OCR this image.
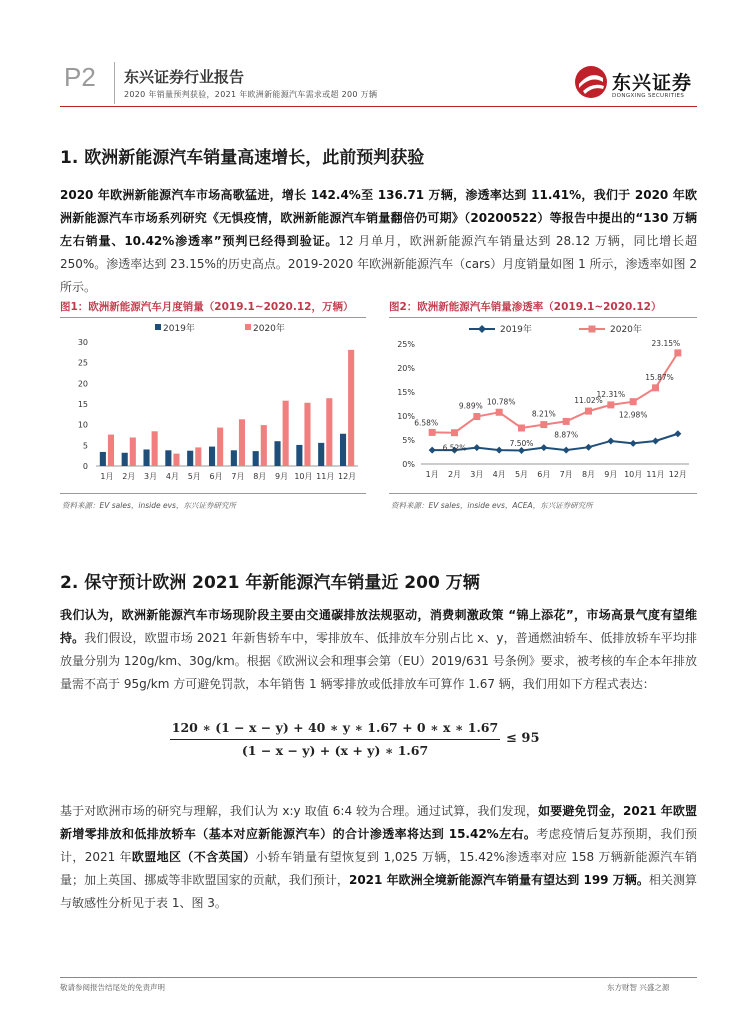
P2 东兴证券行业报告
2020 年销量预判获验，2021 年欧洲新能源汽车需求或超 200 万辆
东兴证券
DONGXING SECURITIES
1. 欧洲新能源汽车销量高速增长，此前预判获验
2020 年欧洲新能源汽车市场高歌猛进，增长 142.4%至 136.71 万辆，渗透率达到 11.41%，我们于 2020 年欧洲新能源汽车市场系列研究《无惧疫情，欧洲新能源汽车销量翻倍仍可期》（20200522）等报告中提出的“130 万辆左右销量、10.42%渗透率”预判已经得到验证。12 月单月，欧洲新能源汽车销量达到 28.12 万辆，同比增长超 250%。渗透率达到 23.15%的历史高点。2019-2020 年欧洲新能源汽车（cars）月度销量如图 1 所示，渗透率如图 2 所示。
图1：欧洲新能源汽车月度销量（2019.1~2020.12，万辆）
0
5
10
15
20
25
30
1月 2月 3月 4月 5月 6月 7月 8月 9月 10月 11月 12月
2019年	2020年
资料来源：EV sales，inside evs，东兴证券研究所
图2：欧洲新能源汽车销量渗透率（2019.1~2020.12）
0%
5%
10%
15%
20%
25%
1月 2月 3月 4月 5月 6月 7月 8月 9月 10月 11月 12月
6.58%
6.52%
9.89% 10.78%
7.50%
8.21%
8.87%
11.02%
12.31%
12.98%
15.87%
23.15%
2019年	2020年
资料来源：EV sales，inside evs，ACEA，东兴证券研究所
2. 保守预计欧洲 2021 年新能源汽车销量近 200 万辆
我们认为，欧洲新能源汽车市场现阶段主要由交通碳排放法规驱动，消费刺激政策 “锦上添花”，市场高景气度有望维持。我们假设，欧盟市场 2021 年新售轿车中，零排放车、低排放车分别占比 x、y，普通燃油轿车、低排放轿车平均排放量分别为 120g/km、30g/km。根据《欧洲议会和理事会第（EU）2019/631 号条例》要求，被考核的车企本年排放量需不高于 95g/km 方可避免罚款，本年销售 1 辆零排放或低排放车可算作 1.67 辆，我们用如下方程式表达：
120 ∗ (1 − x − y) + 40 ∗ y ∗ 1.67 + 0 ∗ x ∗ 1.67
(1 − x − y) + (x + y) ∗ 1.67
≤ 95
基于对欧洲市场的研究与理解，我们认为 x:y 取值 6:4 较为合理。通过试算，我们发现，如要避免罚金，2021 年欧盟新增零排放和低排放轿车（基本对应新能源汽车）的合计渗透率将达到 15.42%左右。考虑疫情后复苏预期，我们预计，2021 年欧盟地区（不含英国）小轿车销量有望恢复到 1,025 万辆，15.42%渗透率对应 158 万辆新能源汽车销量；加上英国、挪威等非欧盟国家的贡献，我们预计，2021 年欧洲全境新能源汽车销量有望达到 199 万辆。相关测算与敏感性分析见于表 1、图 3。
敬请参阅报告结尾处的免责声明	东方财智 兴盛之源
